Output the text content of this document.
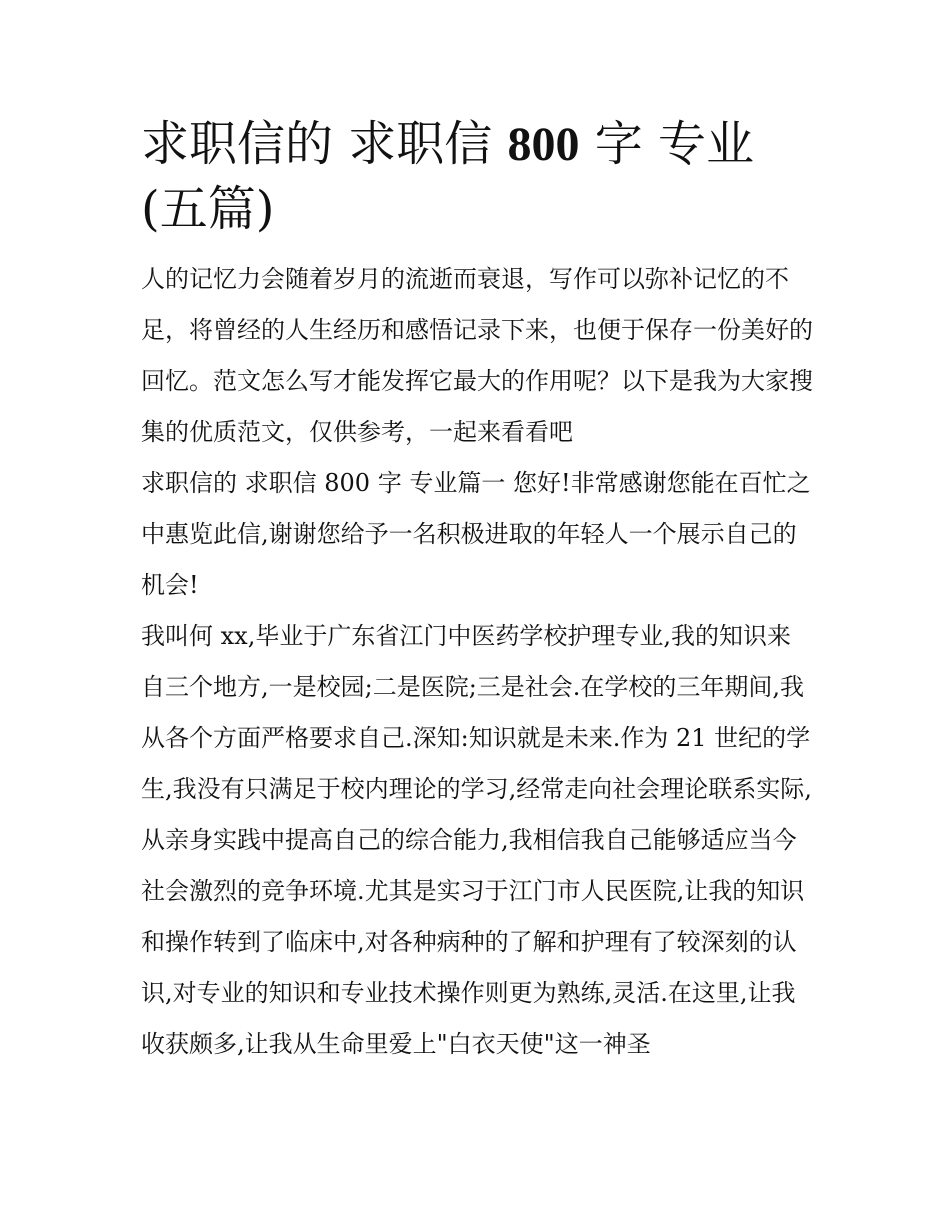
求职信的 求职信 800 字 专业
(五篇)

人的记忆力会随着岁月的流逝而衰退，写作可以弥补记忆的不足，将曾经的人生经历和感悟记录下来，也便于保存一份美好的回忆。范文怎么写才能发挥它最大的作用呢？以下是我为大家搜集的优质范文，仅供参考，一起来看看吧

求职信的 求职信 800 字 专业篇一 您好!非常感谢您能在百忙之中惠览此信,谢谢您给予一名积极进取的年轻人一个展示自己的机会!

我叫何 xx,毕业于广东省江门中医药学校护理专业,我的知识来自三个地方,一是校园;二是医院;三是社会.在学校的三年期间,我从各个方面严格要求自己.深知:知识就是未来.作为 21 世纪的学生,我没有只满足于校内理论的学习,经常走向社会理论联系实际,从亲身实践中提高自己的综合能力,我相信我自己能够适应当今社会激烈的竞争环境.尤其是实习于江门市人民医院,让我的知识和操作转到了临床中,对各种病种的了解和护理有了较深刻的认识,对专业的知识和专业技术操作则更为熟练,灵活.在这里,让我收获颇多,让我从生命里爱上"白衣天使"这一神圣
